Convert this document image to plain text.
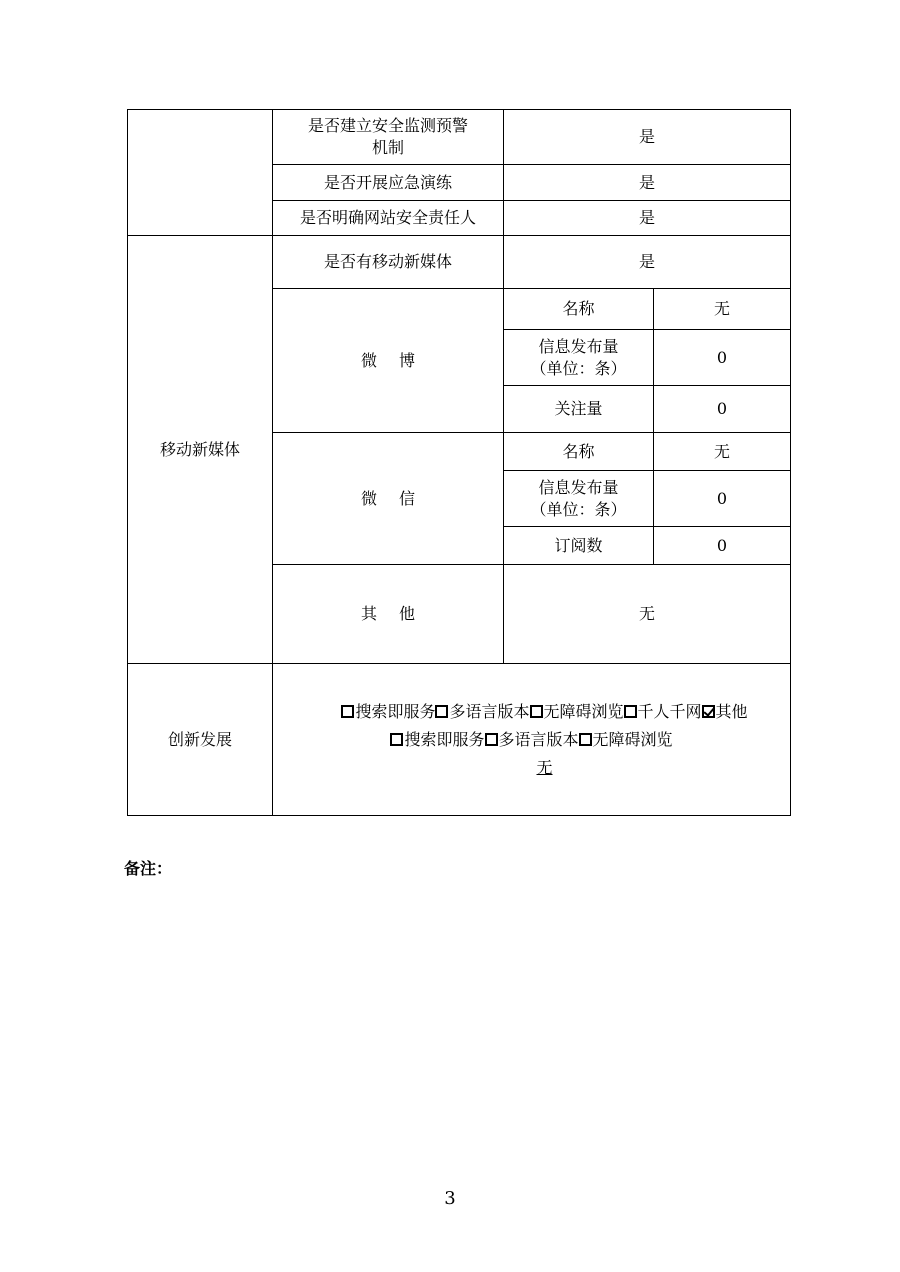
	是否建立安全监测预警
机制	是	
	是否开展应急演练	是	
	是否明确网站安全责任人	是	
移动新媒体	是否有移动新媒体	是	
	微 博	名称	无

		信息发布量
（单位：条）	0
		关注量	0
	微 信	名称	无

		信息发布量
（单位：条）	0
		订阅数	0
	其 他	无	
创新发展	搜索即服务 多语言版本 无障碍浏览 千人千网 其他
搜索即服务 多语言版本 无障碍浏览
无		
备注：
3
